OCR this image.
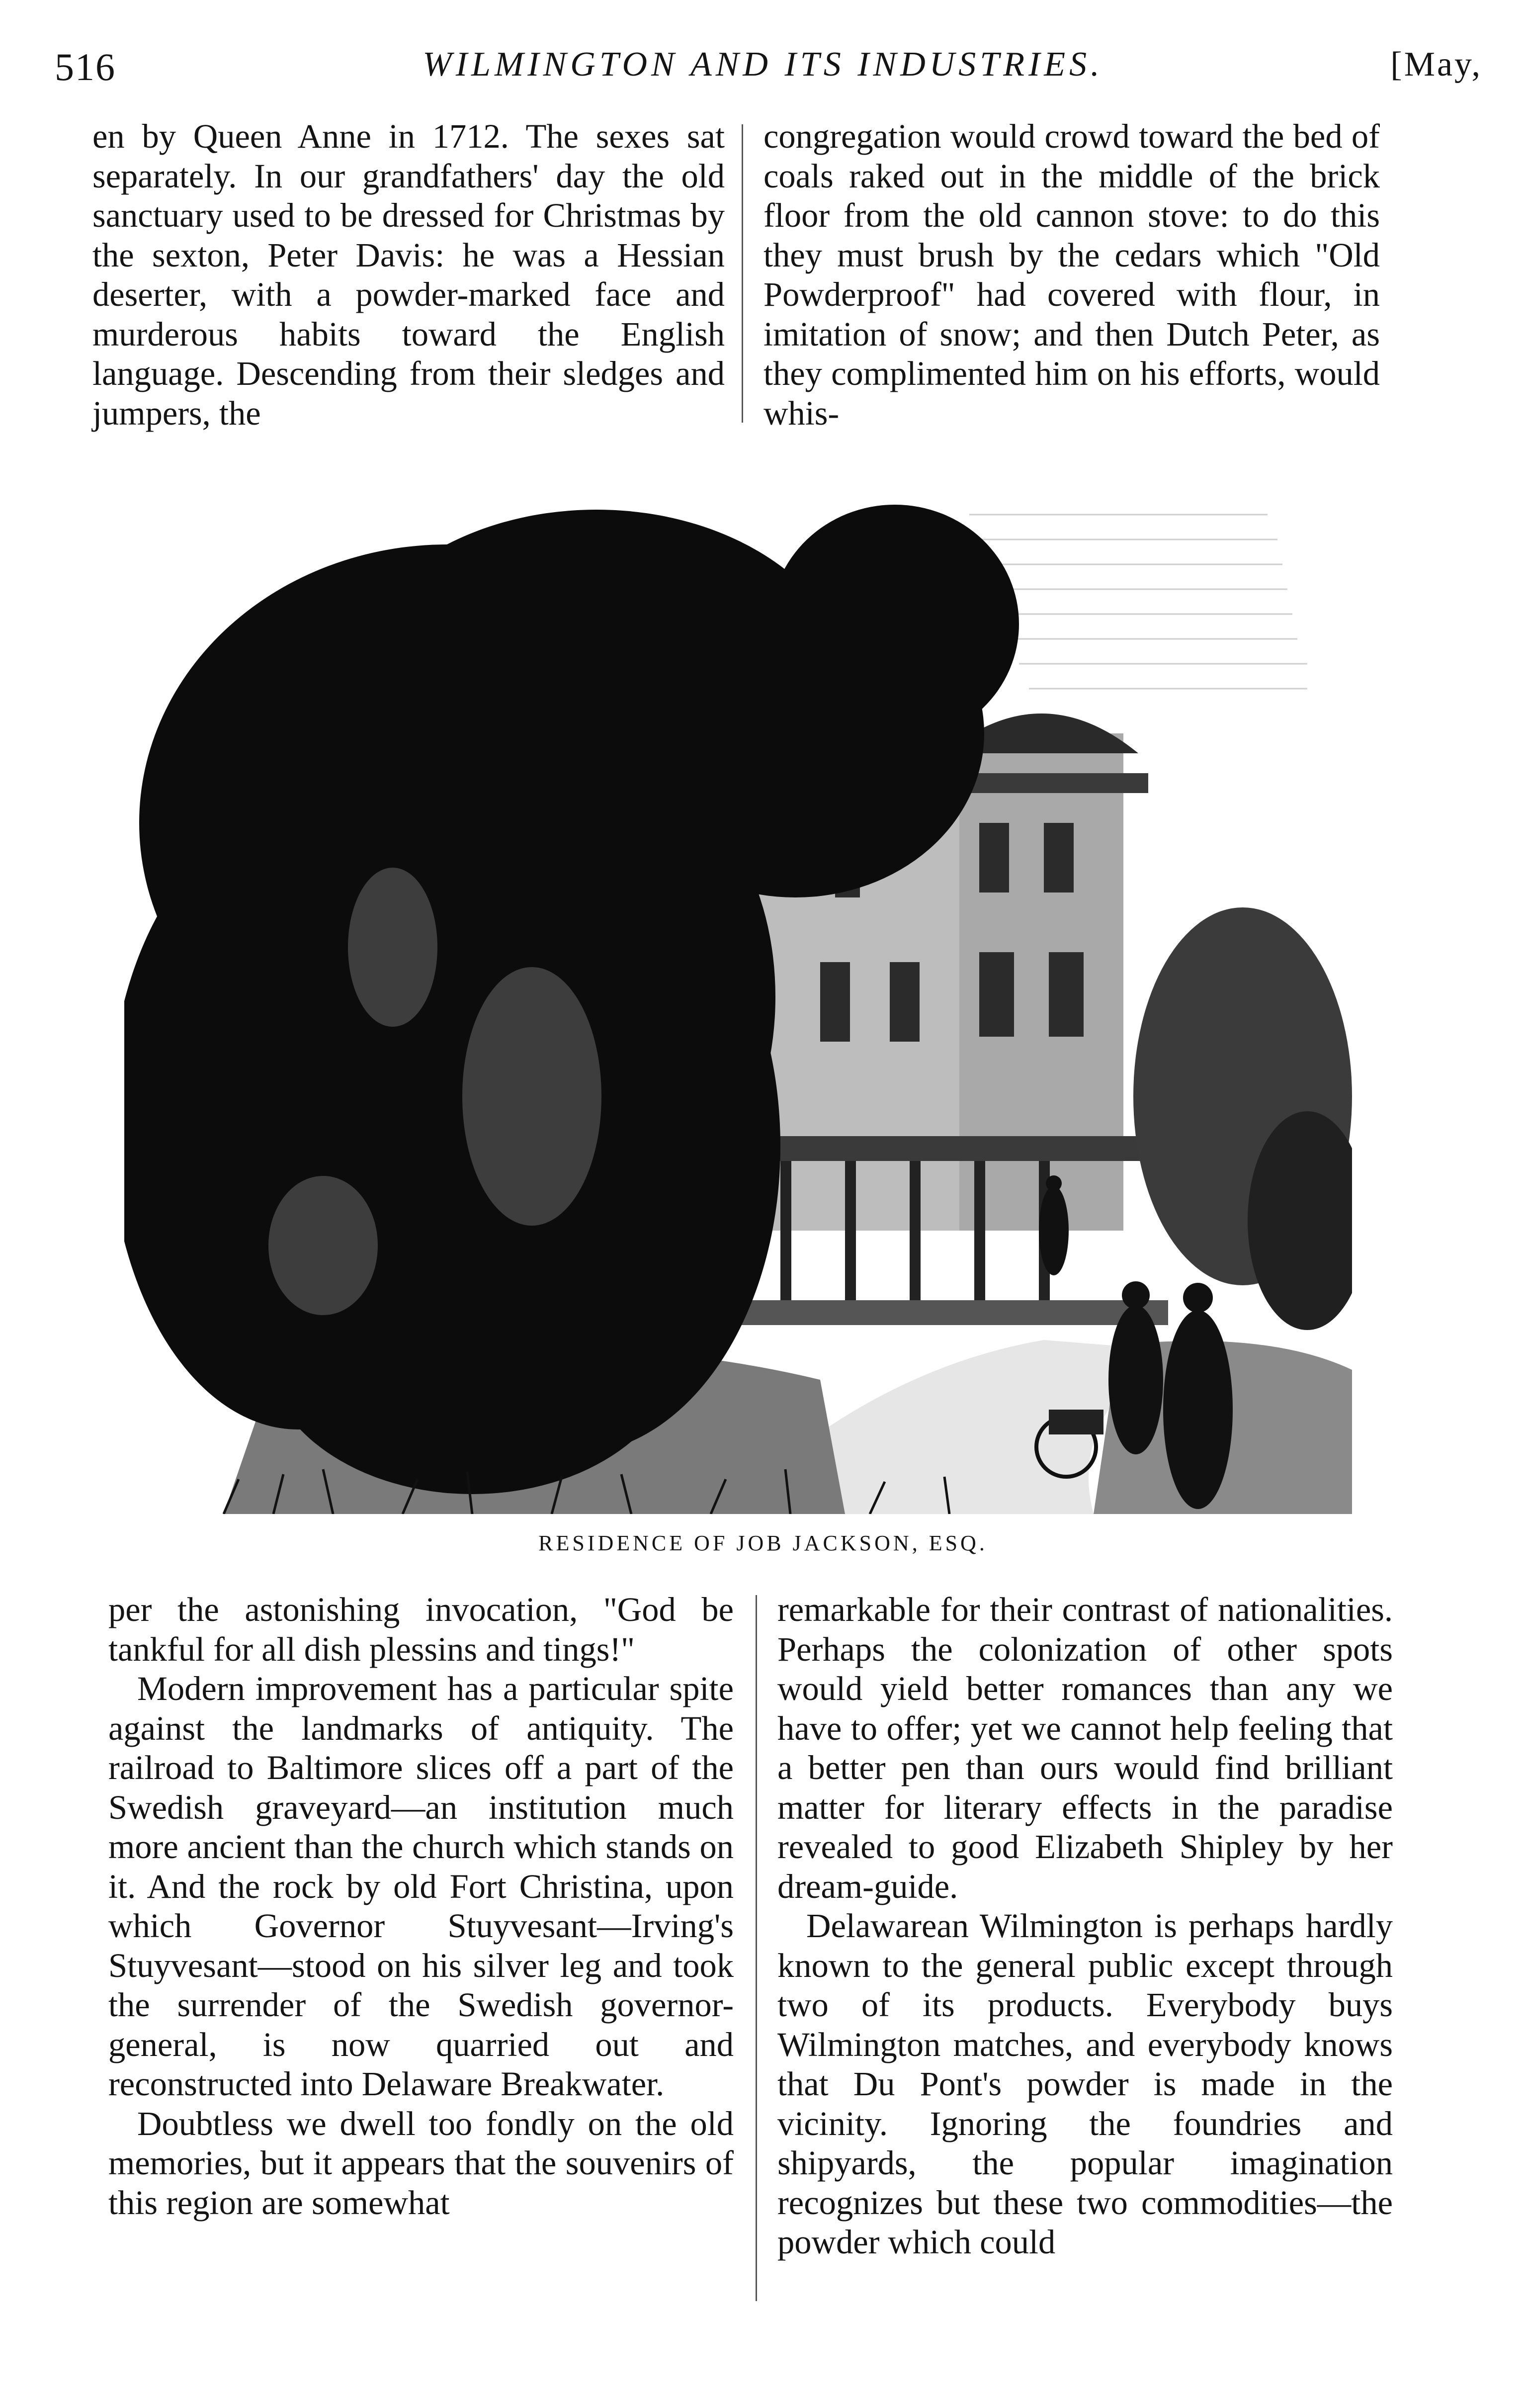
516	WILMINGTON AND ITS INDUSTRIES.	[May,

en by Queen Anne in 1712. The sexes sat separately. In our grandfathers' day the old sanctuary used to be dressed for Christmas by the sexton, Peter Davis: he was a Hessian deserter, with a powder-marked face and murderous habits toward the English language. Descending from their sledges and jumpers, the

congregation would crowd toward the bed of coals raked out in the middle of the brick floor from the old cannon stove: to do this they must brush by the cedars which "Old Powderproof" had covered with flour, in imitation of snow; and then Dutch Peter, as they complimented him on his efforts, would whis-

RESIDENCE OF JOB JACKSON, ESQ.

per the astonishing invocation, "God be tankful for all dish plessins and tings!"

Modern improvement has a particular spite against the landmarks of antiquity. The railroad to Baltimore slices off a part of the Swedish graveyard—an institution much more ancient than the church which stands on it. And the rock by old Fort Christina, upon which Governor Stuyvesant—Irving's Stuyvesant—stood on his silver leg and took the surrender of the Swedish governor-general, is now quarried out and reconstructed into Delaware Breakwater.

Doubtless we dwell too fondly on the old memories, but it appears that the souvenirs of this region are somewhat

remarkable for their contrast of nationalities. Perhaps the colonization of other spots would yield better romances than any we have to offer; yet we cannot help feeling that a better pen than ours would find brilliant matter for literary effects in the paradise revealed to good Elizabeth Shipley by her dream-guide.

Delawarean Wilmington is perhaps hardly known to the general public except through two of its products. Everybody buys Wilmington matches, and everybody knows that Du Pont's powder is made in the vicinity. Ignoring the foundries and shipyards, the popular imagination recognizes but these two commodities—the powder which could
